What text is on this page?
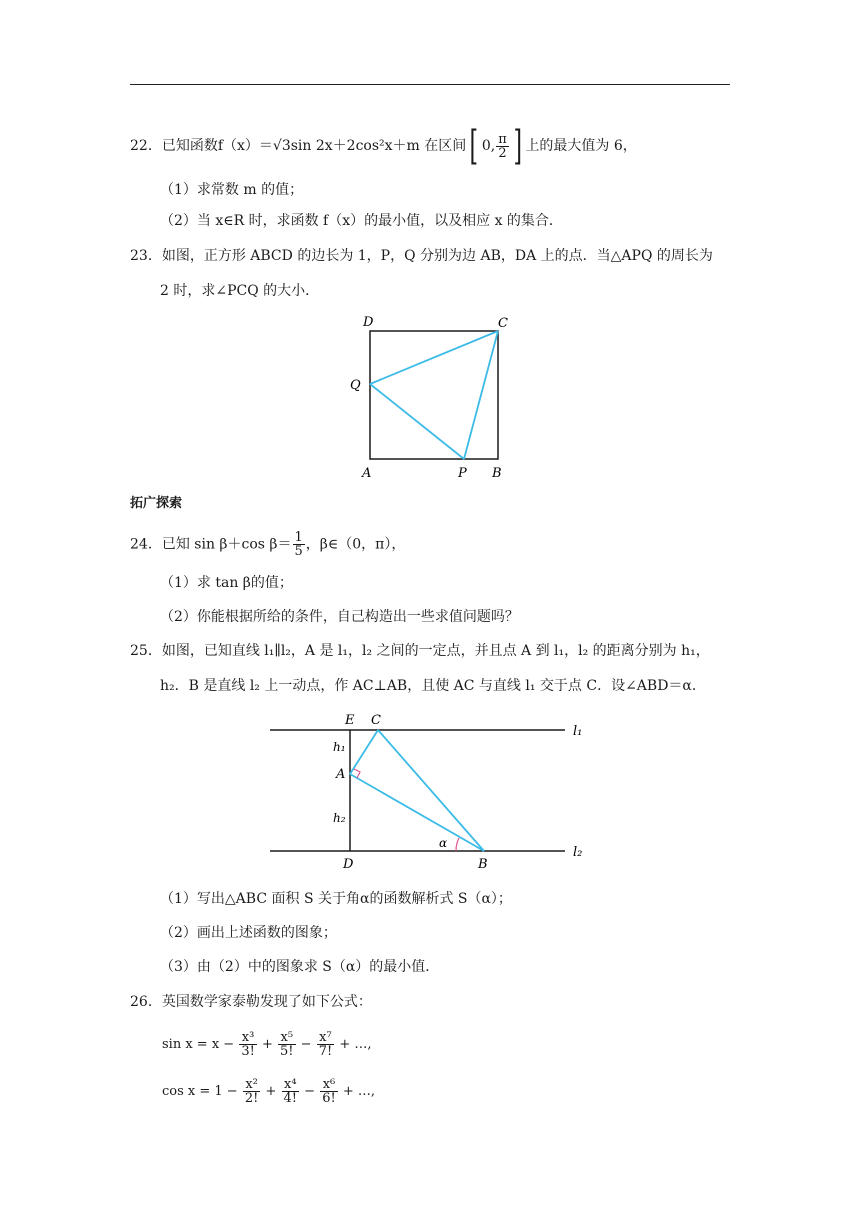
22．已知函数f（x）＝√3sin 2x＋2cos²x＋m 在区间[ 0, $\frac{\pi}{2}$ ] 上的最大值为 6，
（1）求常数 m 的值；
（2）当 x∈R 时，求函数 f（x）的最小值，以及相应 x 的集合．
23．如图，正方形 ABCD 的边长为 1，P，Q 分别为边 AB，DA 上的点．当△APQ 的周长为
2 时，求∠PCQ 的大小．
D	C
Q
A	P B
拓广探索
24．已知 sin β＋cos $\beta= \frac{1}{5}$ ，β∈（0，π），
（1）求 tan β的值；
（2）你能根据所给的条件，自己构造出一些求值问题吗？
25．如图，已知直线 l₁∥l₂，A 是 l₁，l₂ 之间的一定点，并且点 A 到 l₁，l₂ 的距离分别为 h₁，
h₂．B 是直线 l₂ 上一动点，作 AC⊥AB，且使 AC 与直线 l₁ 交于点 C．设∠ABD＝α．
E C
l₁
h₁
A
h₂
α
D	B
l₂
（1）写出△ABC 面积 S 关于角α的函数解析式 S（α）；
（2）画出上述函数的图象；
（3）由（2）中的图象求 S（α）的最小值．
26．英国数学家泰勒发现了如下公式：
$\sin x = x - \frac{\text{x³}}{3!} + \frac{\text{x⁵}}{5!} - \frac{\text{x⁷}}{7!}$ + …,
$\cos x = 1 - \frac{\text{x²}}{2!} + \frac{\text{x⁴}}{4!} - \frac{\text{x⁶}}{6!}$ + …,
